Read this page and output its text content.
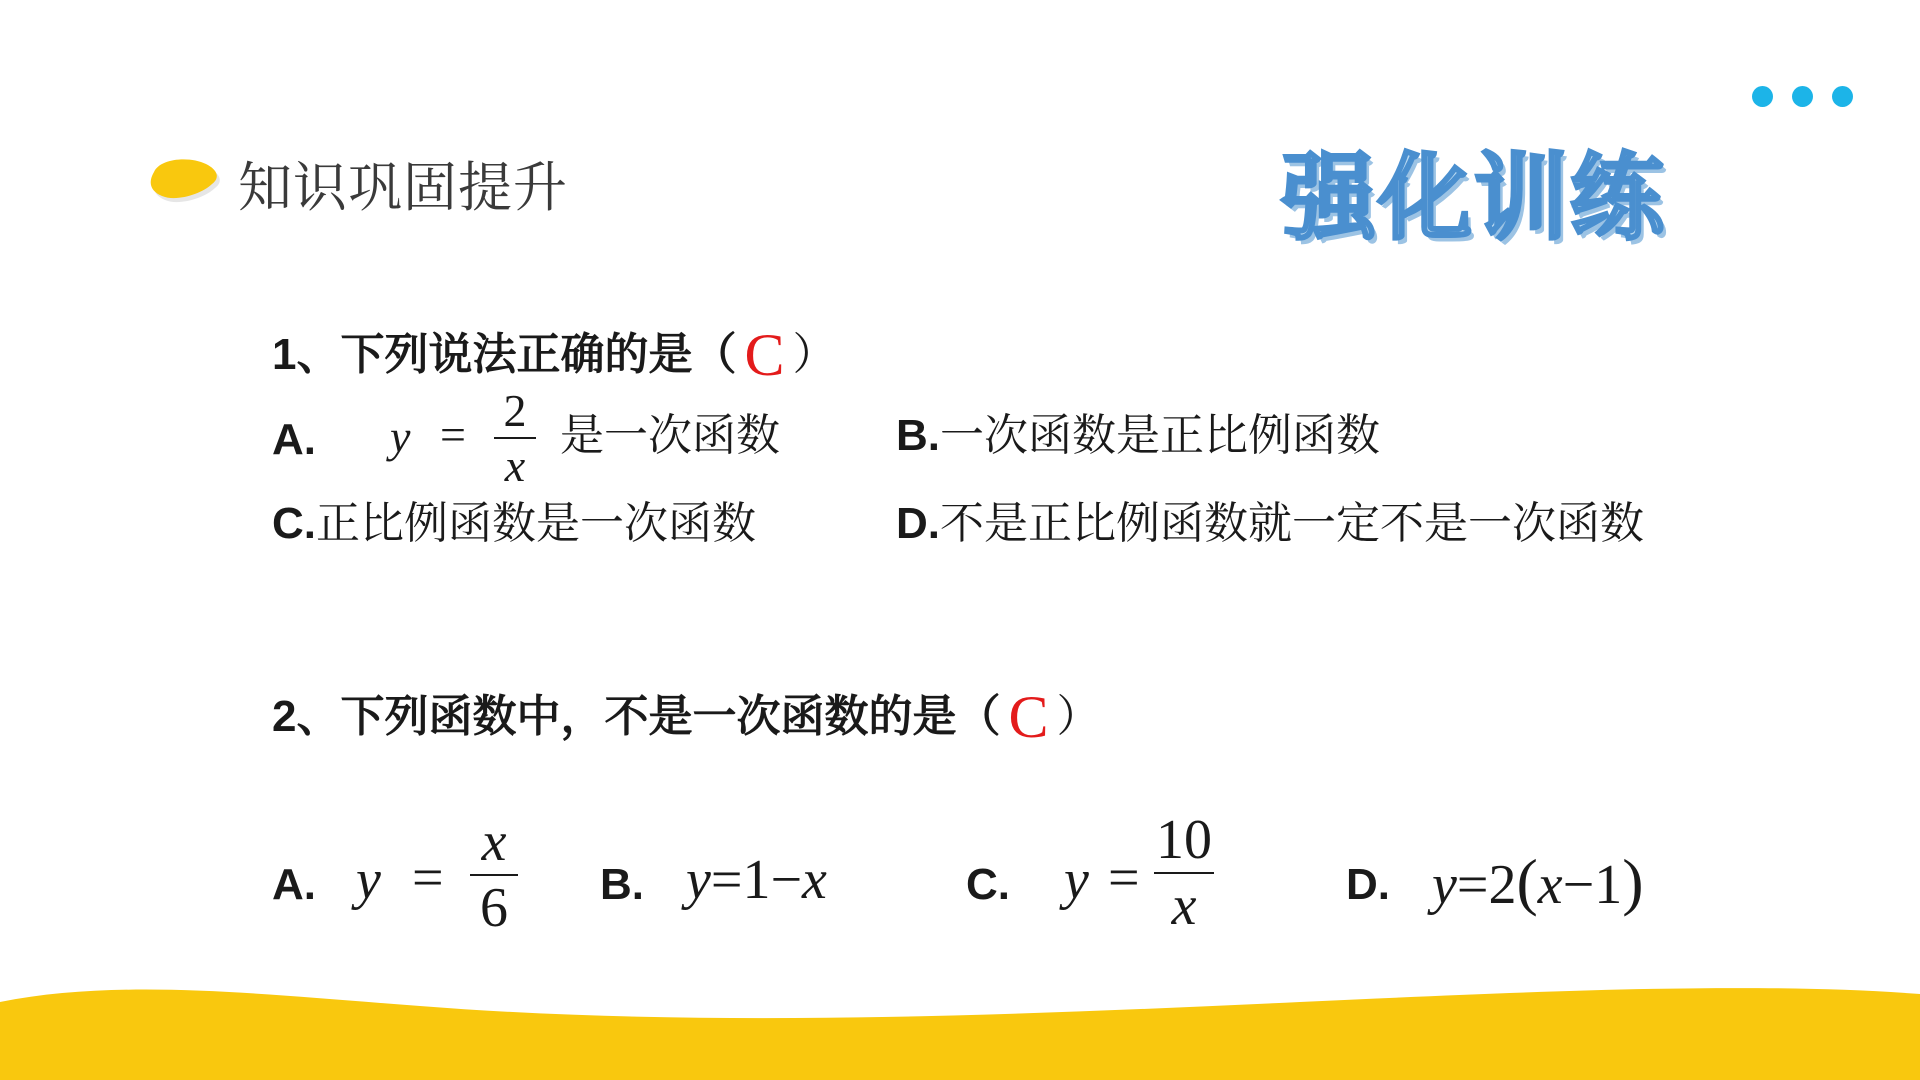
知识巩固提升	强化训练
1、下列说法正确的是（ C ）
A. y = 2
x
是一次函数	B.一次函数是正比例函数
C.正比例函数是一次函数	D.不是正比例函数就一定不是一次函数
2、下列函数中，不是一次函数的是（ C ）
A. y =
x
6 B. y=1−x	C. y =
10
x	D. y=2(x−1)
